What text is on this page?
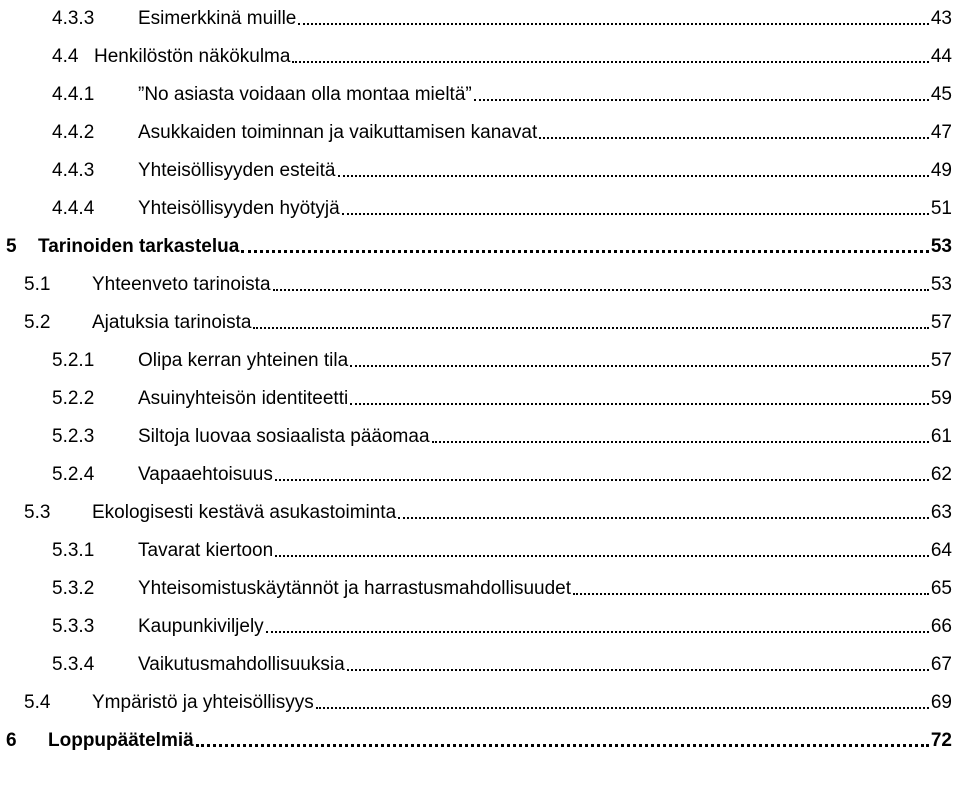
4.3.3	Esimerkkinä muille	43
4.4 Henkilöstön näkökulma	44
4.4.1	”No asiasta voidaan olla montaa mieltä”	45
4.4.2	Asukkaiden toiminnan ja vaikuttamisen kanavat	47
4.4.3	Yhteisöllisyyden esteitä	49
4.4.4	Yhteisöllisyyden hyötyjä	51
5	Tarinoiden tarkastelua	53
5.1	Yhteenveto tarinoista	53
5.2	Ajatuksia tarinoista	57
5.2.1	Olipa kerran yhteinen tila	57
5.2.2	Asuinyhteisön identiteetti	59
5.2.3	Siltoja luovaa sosiaalista pääomaa	61
5.2.4	Vapaaehtoisuus	62
5.3	Ekologisesti kestävä asukastoiminta	63
5.3.1	Tavarat kiertoon	64
5.3.2	Yhteisomistuskäytännöt ja harrastusmahdollisuudet	65
5.3.3	Kaupunkiviljely	66
5.3.4	Vaikutusmahdollisuuksia	67
5.4	Ympäristö ja yhteisöllisyys	69
6	Loppupäätelmiä	72
